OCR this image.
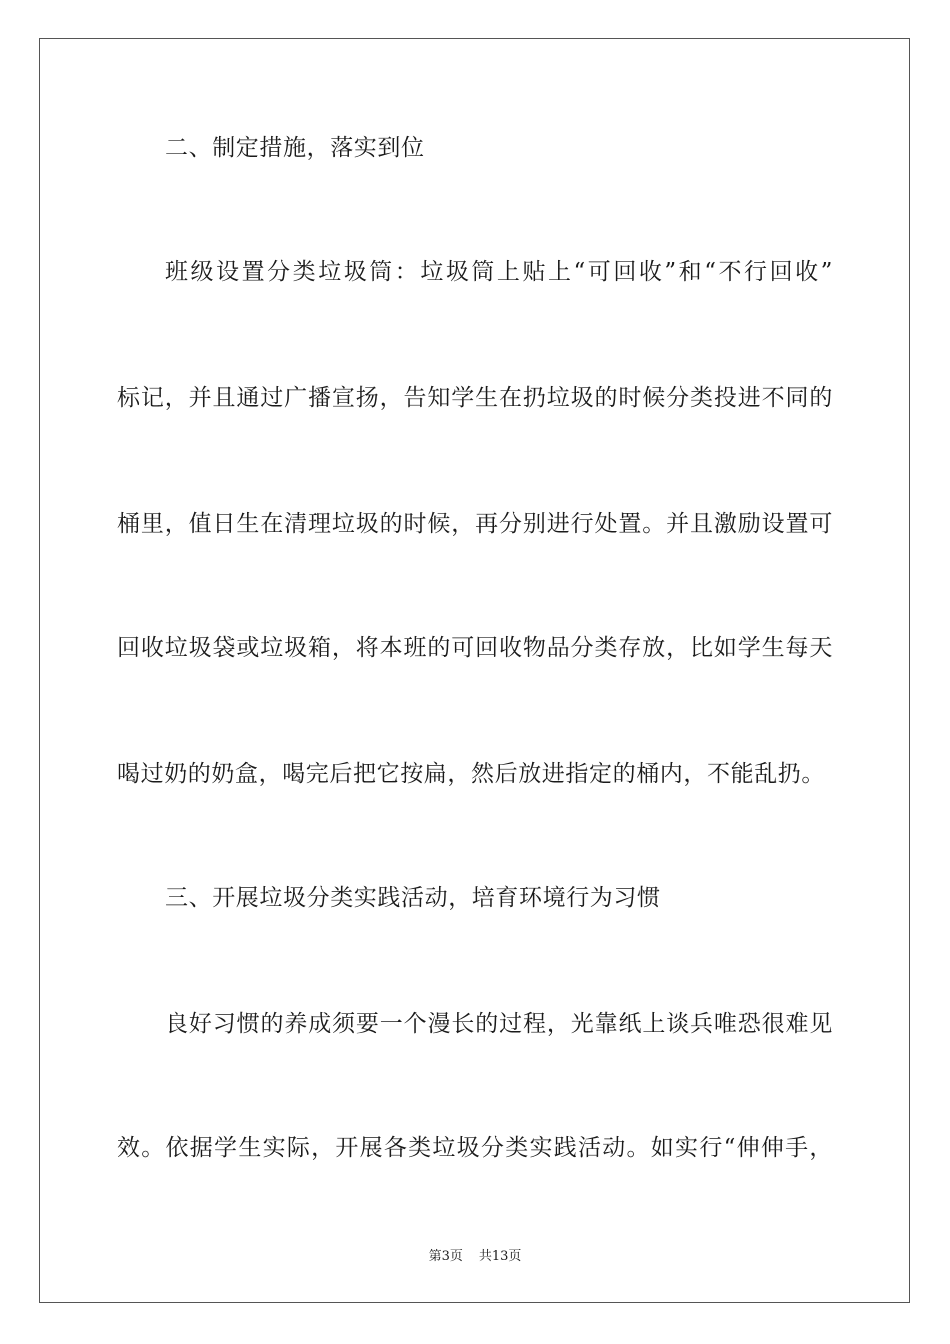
二、制定措施，落实到位
班级设置分类垃圾筒：垃圾筒上贴上“可回收”和“不行回收”
标记，并且通过广播宣扬，告知学生在扔垃圾的时候分类投进不同的
桶里，值日生在清理垃圾的时候，再分别进行处置。并且激励设置可
回收垃圾袋或垃圾箱，将本班的可回收物品分类存放，比如学生每天
喝过奶的奶盒，喝完后把它按扁，然后放进指定的桶内，不能乱扔。
三、开展垃圾分类实践活动，培育环境行为习惯
良好习惯的养成须要一个漫长的过程，光靠纸上谈兵唯恐很难见
效。依据学生实际，开展各类垃圾分类实践活动。如实行“伸伸手，
第3页 共13页
